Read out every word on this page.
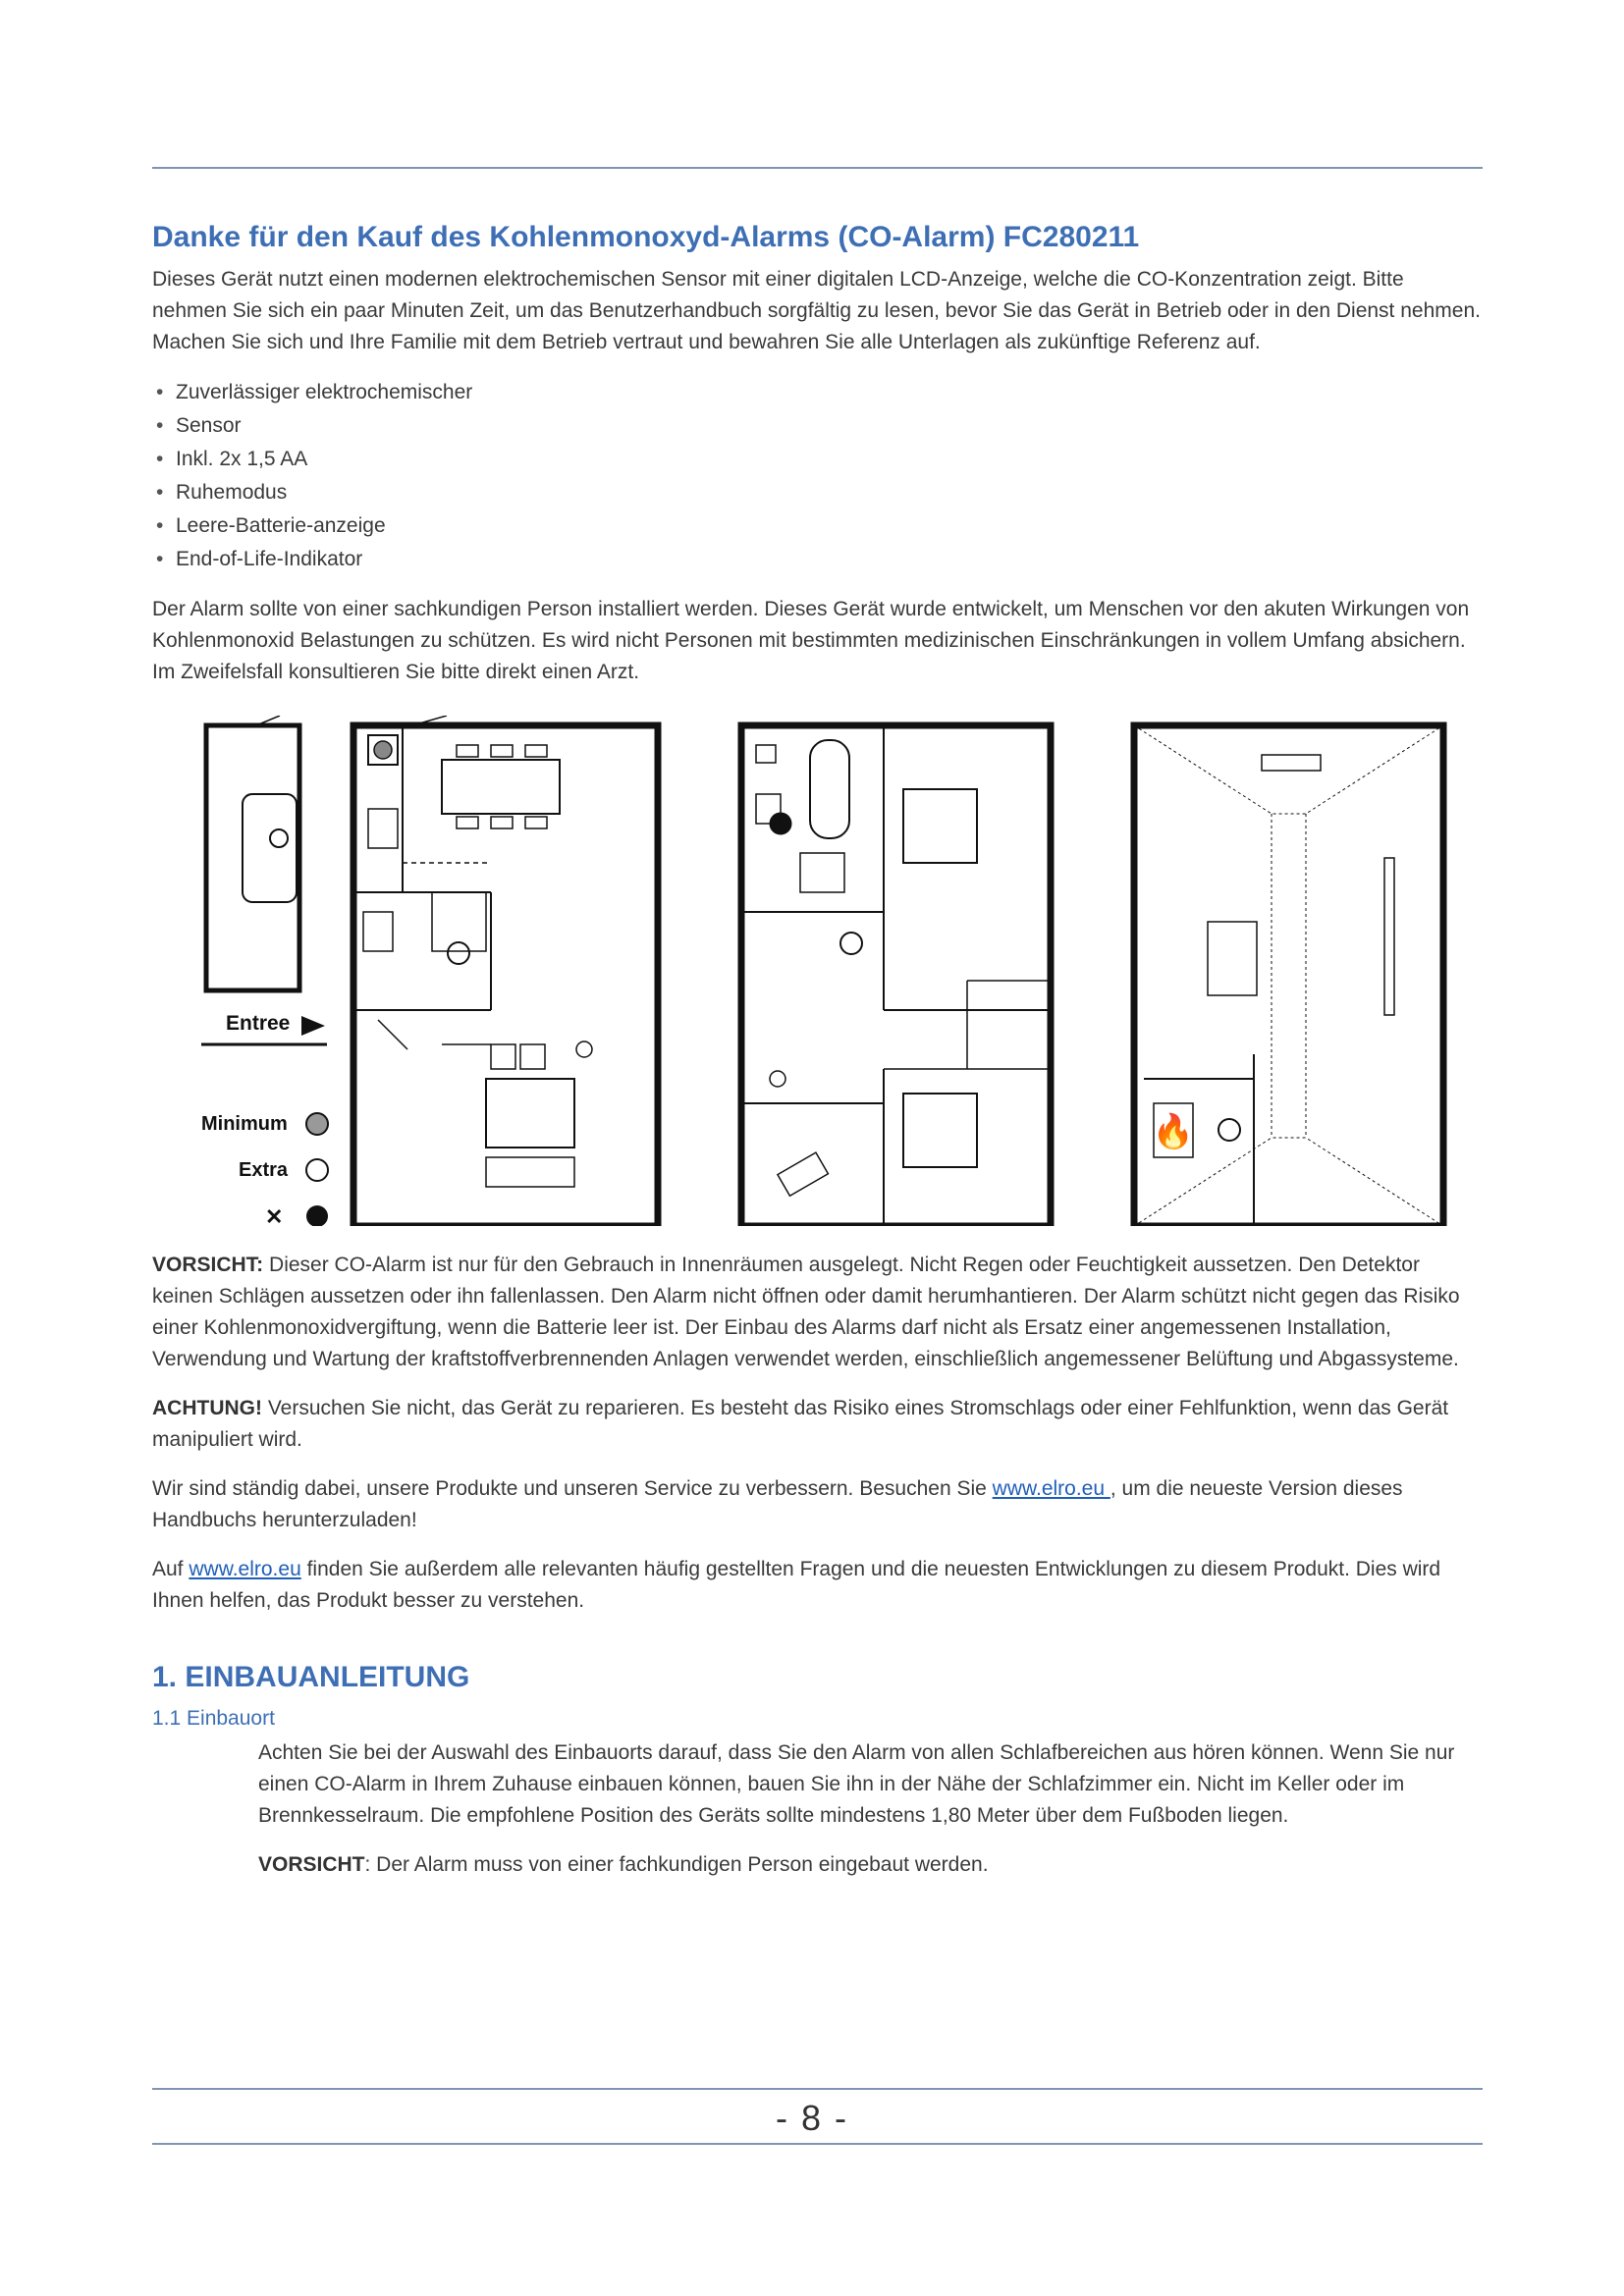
Danke für den Kauf des Kohlenmonoxyd-Alarms (CO-Alarm) FC280211

Dieses Gerät nutzt einen modernen elektrochemischen Sensor mit einer digitalen LCD-Anzeige, welche die CO-Konzentration zeigt. Bitte nehmen Sie sich ein paar Minuten Zeit, um das Benutzerhandbuch sorgfältig zu lesen, bevor Sie das Gerät in Betrieb oder in den Dienst nehmen. Machen Sie sich und Ihre Familie mit dem Betrieb vertraut und bewahren Sie alle Unterlagen als zukünftige Referenz auf.

• Zuverlässiger elektrochemischer
• Sensor
• Inkl. 2x 1,5 AA
• Ruhemodus
• Leere-Batterie-anzeige
• End-of-Life-Indikator

Der Alarm sollte von einer sachkundigen Person installiert werden. Dieses Gerät wurde entwickelt, um Menschen vor den akuten Wirkungen von Kohlenmonoxid Belastungen zu schützen. Es wird nicht Personen mit bestimmten medizinischen Einschränkungen in vollem Umfang absichern. Im Zweifelsfall konsultieren Sie bitte direkt einen Arzt.

🔥
Entree
Minimum
Extra
✕

VORSICHT: Dieser CO-Alarm ist nur für den Gebrauch in Innenräumen ausgelegt. Nicht Regen oder Feuchtigkeit aussetzen. Den Detektor keinen Schlägen aussetzen oder ihn fallenlassen. Den Alarm nicht öffnen oder damit herumhantieren. Der Alarm schützt nicht gegen das Risiko einer Kohlenmonoxidvergiftung, wenn die Batterie leer ist. Der Einbau des Alarms darf nicht als Ersatz einer angemessenen Installation, Verwendung und Wartung der kraftstoffverbrennenden Anlagen verwendet werden, einschließlich angemessener Belüftung und Abgassysteme.

ACHTUNG! Versuchen Sie nicht, das Gerät zu reparieren. Es besteht das Risiko eines Stromschlags oder einer Fehlfunktion, wenn das Gerät manipuliert wird.

Wir sind ständig dabei, unsere Produkte und unseren Service zu verbessern. Besuchen Sie www.elro.eu , um die neueste Version dieses Handbuchs herunterzuladen!

Auf www.elro.eu finden Sie außerdem alle relevanten häufig gestellten Fragen und die neuesten Entwicklungen zu diesem Produkt. Dies wird Ihnen helfen, das Produkt besser zu verstehen.

1. EINBAUANLEITUNG
1.1 Einbauort

Achten Sie bei der Auswahl des Einbauorts darauf, dass Sie den Alarm von allen Schlafbereichen aus hören können. Wenn Sie nur einen CO-Alarm in Ihrem Zuhause einbauen können, bauen Sie ihn in der Nähe der Schlafzimmer ein. Nicht im Keller oder im Brennkesselraum. Die empfohlene Position des Geräts sollte mindestens 1,80 Meter über dem Fußboden liegen.

VORSICHT: Der Alarm muss von einer fachkundigen Person eingebaut werden.

- 8 -
